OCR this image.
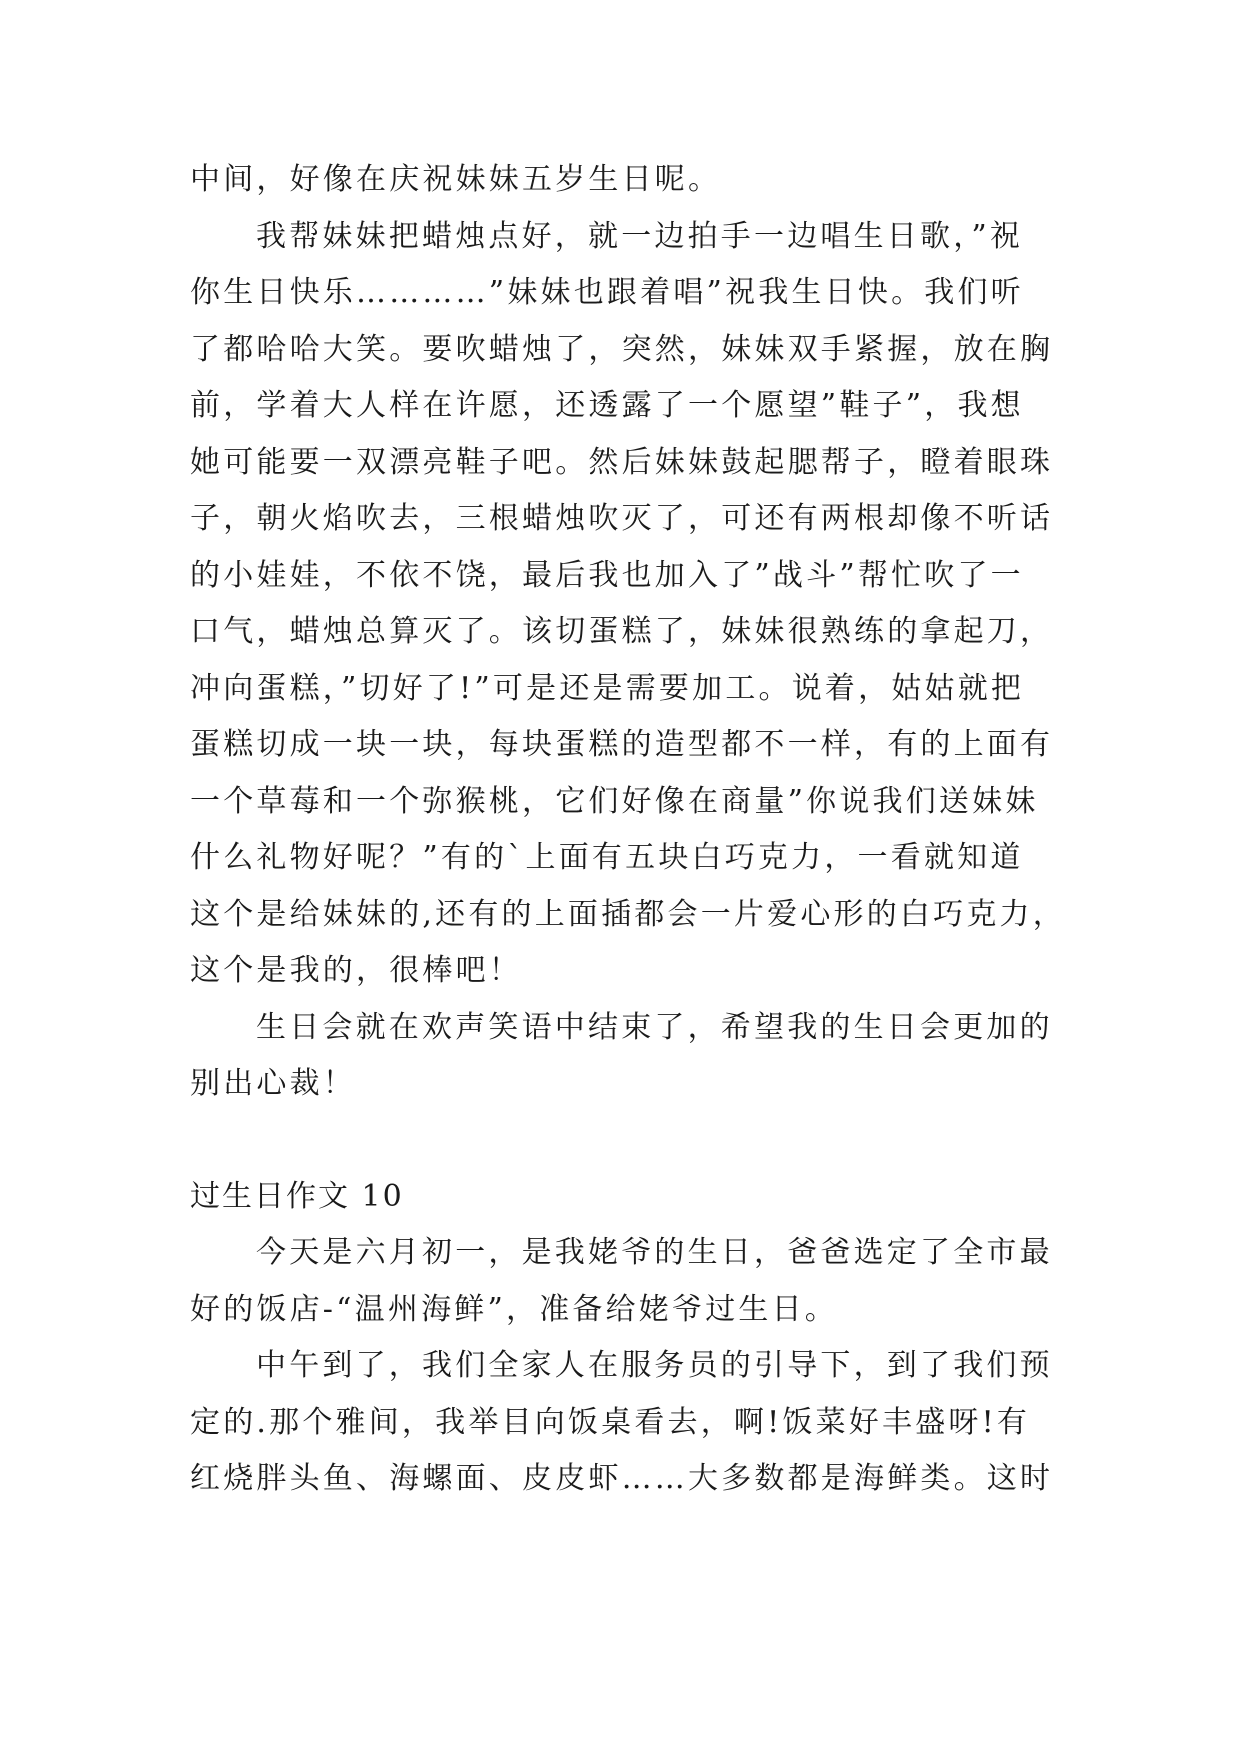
中间，好像在庆祝妹妹五岁生日呢。
我帮妹妹把蜡烛点好，就一边拍手一边唱生日歌，”祝
你生日快乐…………”妹妹也跟着唱”祝我生日快。我们听
了都哈哈大笑。要吹蜡烛了，突然，妹妹双手紧握，放在胸
前，学着大人样在许愿，还透露了一个愿望”鞋子”，我想
她可能要一双漂亮鞋子吧。然后妹妹鼓起腮帮子，瞪着眼珠
子，朝火焰吹去，三根蜡烛吹灭了，可还有两根却像不听话
的小娃娃，不依不饶，最后我也加入了”战斗”帮忙吹了一
口气，蜡烛总算灭了。该切蛋糕了，妹妹很熟练的拿起刀，
冲向蛋糕，”切好了!”可是还是需要加工。说着，姑姑就把
蛋糕切成一块一块，每块蛋糕的造型都不一样，有的上面有
一个草莓和一个弥猴桃，它们好像在商量”你说我们送妹妹
什么礼物好呢？”有的`上面有五块白巧克力，一看就知道
这个是给妹妹的,还有的上面插都会一片爱心形的白巧克力，
这个是我的，很棒吧！
生日会就在欢声笑语中结束了，希望我的生日会更加的
别出心裁！
过生日作文 10
今天是六月初一，是我姥爷的生日，爸爸选定了全市最
好的饭店-“温州海鲜”，准备给姥爷过生日。
中午到了，我们全家人在服务员的引导下，到了我们预
定的.那个雅间，我举目向饭桌看去，啊!饭菜好丰盛呀!有
红烧胖头鱼、海螺面、皮皮虾……大多数都是海鲜类。这时
